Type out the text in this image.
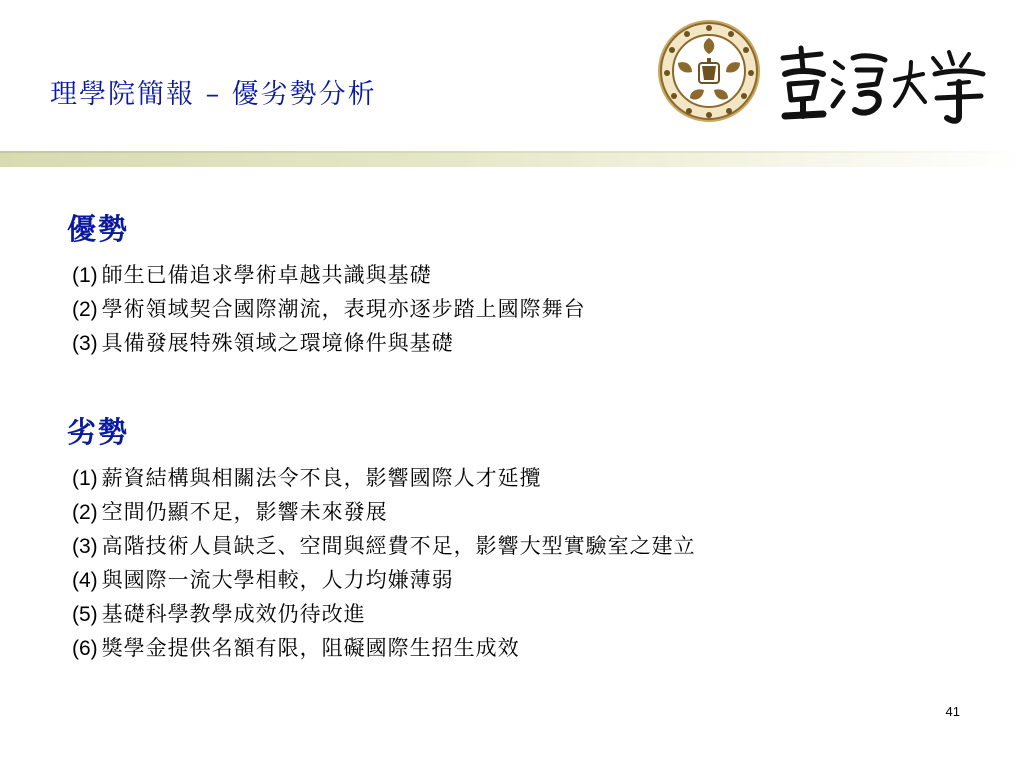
理學院簡報 – 優劣勢分析
優勢
(1) 師生已備追求學術卓越共識與基礎
(2) 學術領域契合國際潮流，表現亦逐步踏上國際舞台
(3) 具備發展特殊領域之環境條件與基礎
劣勢
(1) 薪資結構與相關法令不良，影響國際人才延攬
(2) 空間仍顯不足，影響未來發展
(3) 高階技術人員缺乏、空間與經費不足，影響大型實驗室之建立
(4) 與國際一流大學相較，人力均嫌薄弱
(5) 基礎科學教學成效仍待改進
(6) 獎學金提供名額有限，阻礙國際生招生成效
41
